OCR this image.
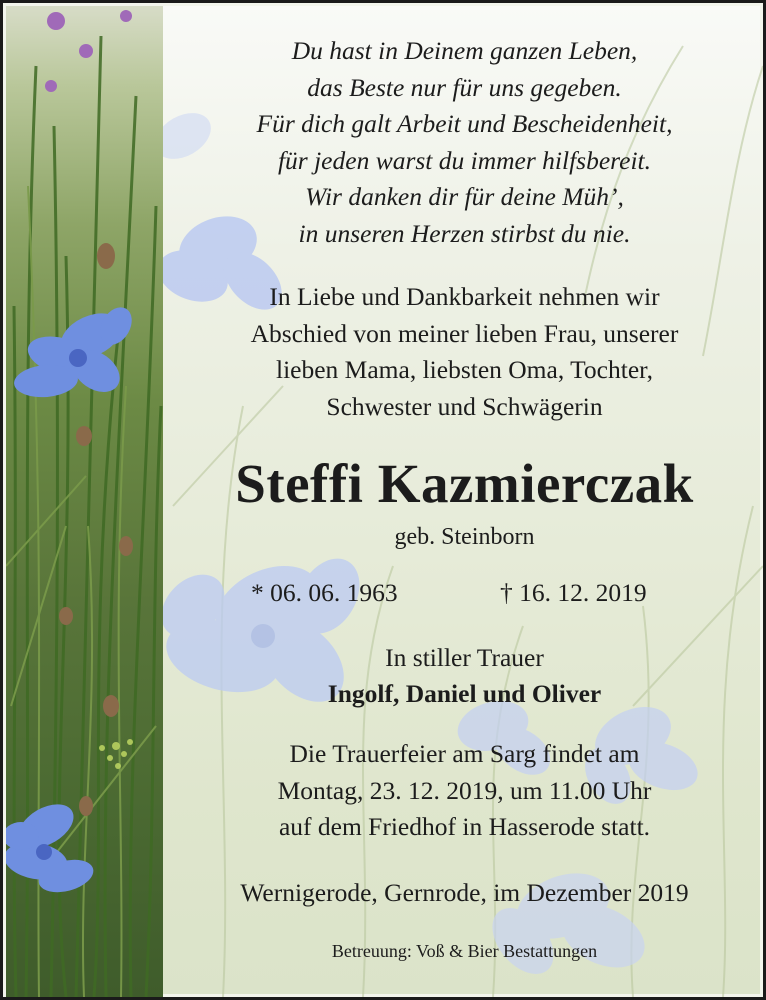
Du hast in Deinem ganzen Leben,
das Beste nur für uns gegeben.
Für dich galt Arbeit und Bescheidenheit,
für jeden warst du immer hilfsbereit.
Wir danken dir für deine Müh’,
in unseren Herzen stirbst du nie.
In Liebe und Dankbarkeit nehmen wir
Abschied von meiner lieben Frau, unserer
lieben Mama, liebsten Oma, Tochter,
Schwester und Schwägerin
Steffi Kazmierczak
geb. Steinborn
* 06. 06. 1963	† 16. 12. 2019
In stiller Trauer
Ingolf, Daniel und Oliver
Die Trauerfeier am Sarg findet am
Montag, 23. 12. 2019, um 11.00 Uhr
auf dem Friedhof in Hasserode statt.
Wernigerode, Gernrode, im Dezember 2019
Betreuung: Voß & Bier Bestattungen
